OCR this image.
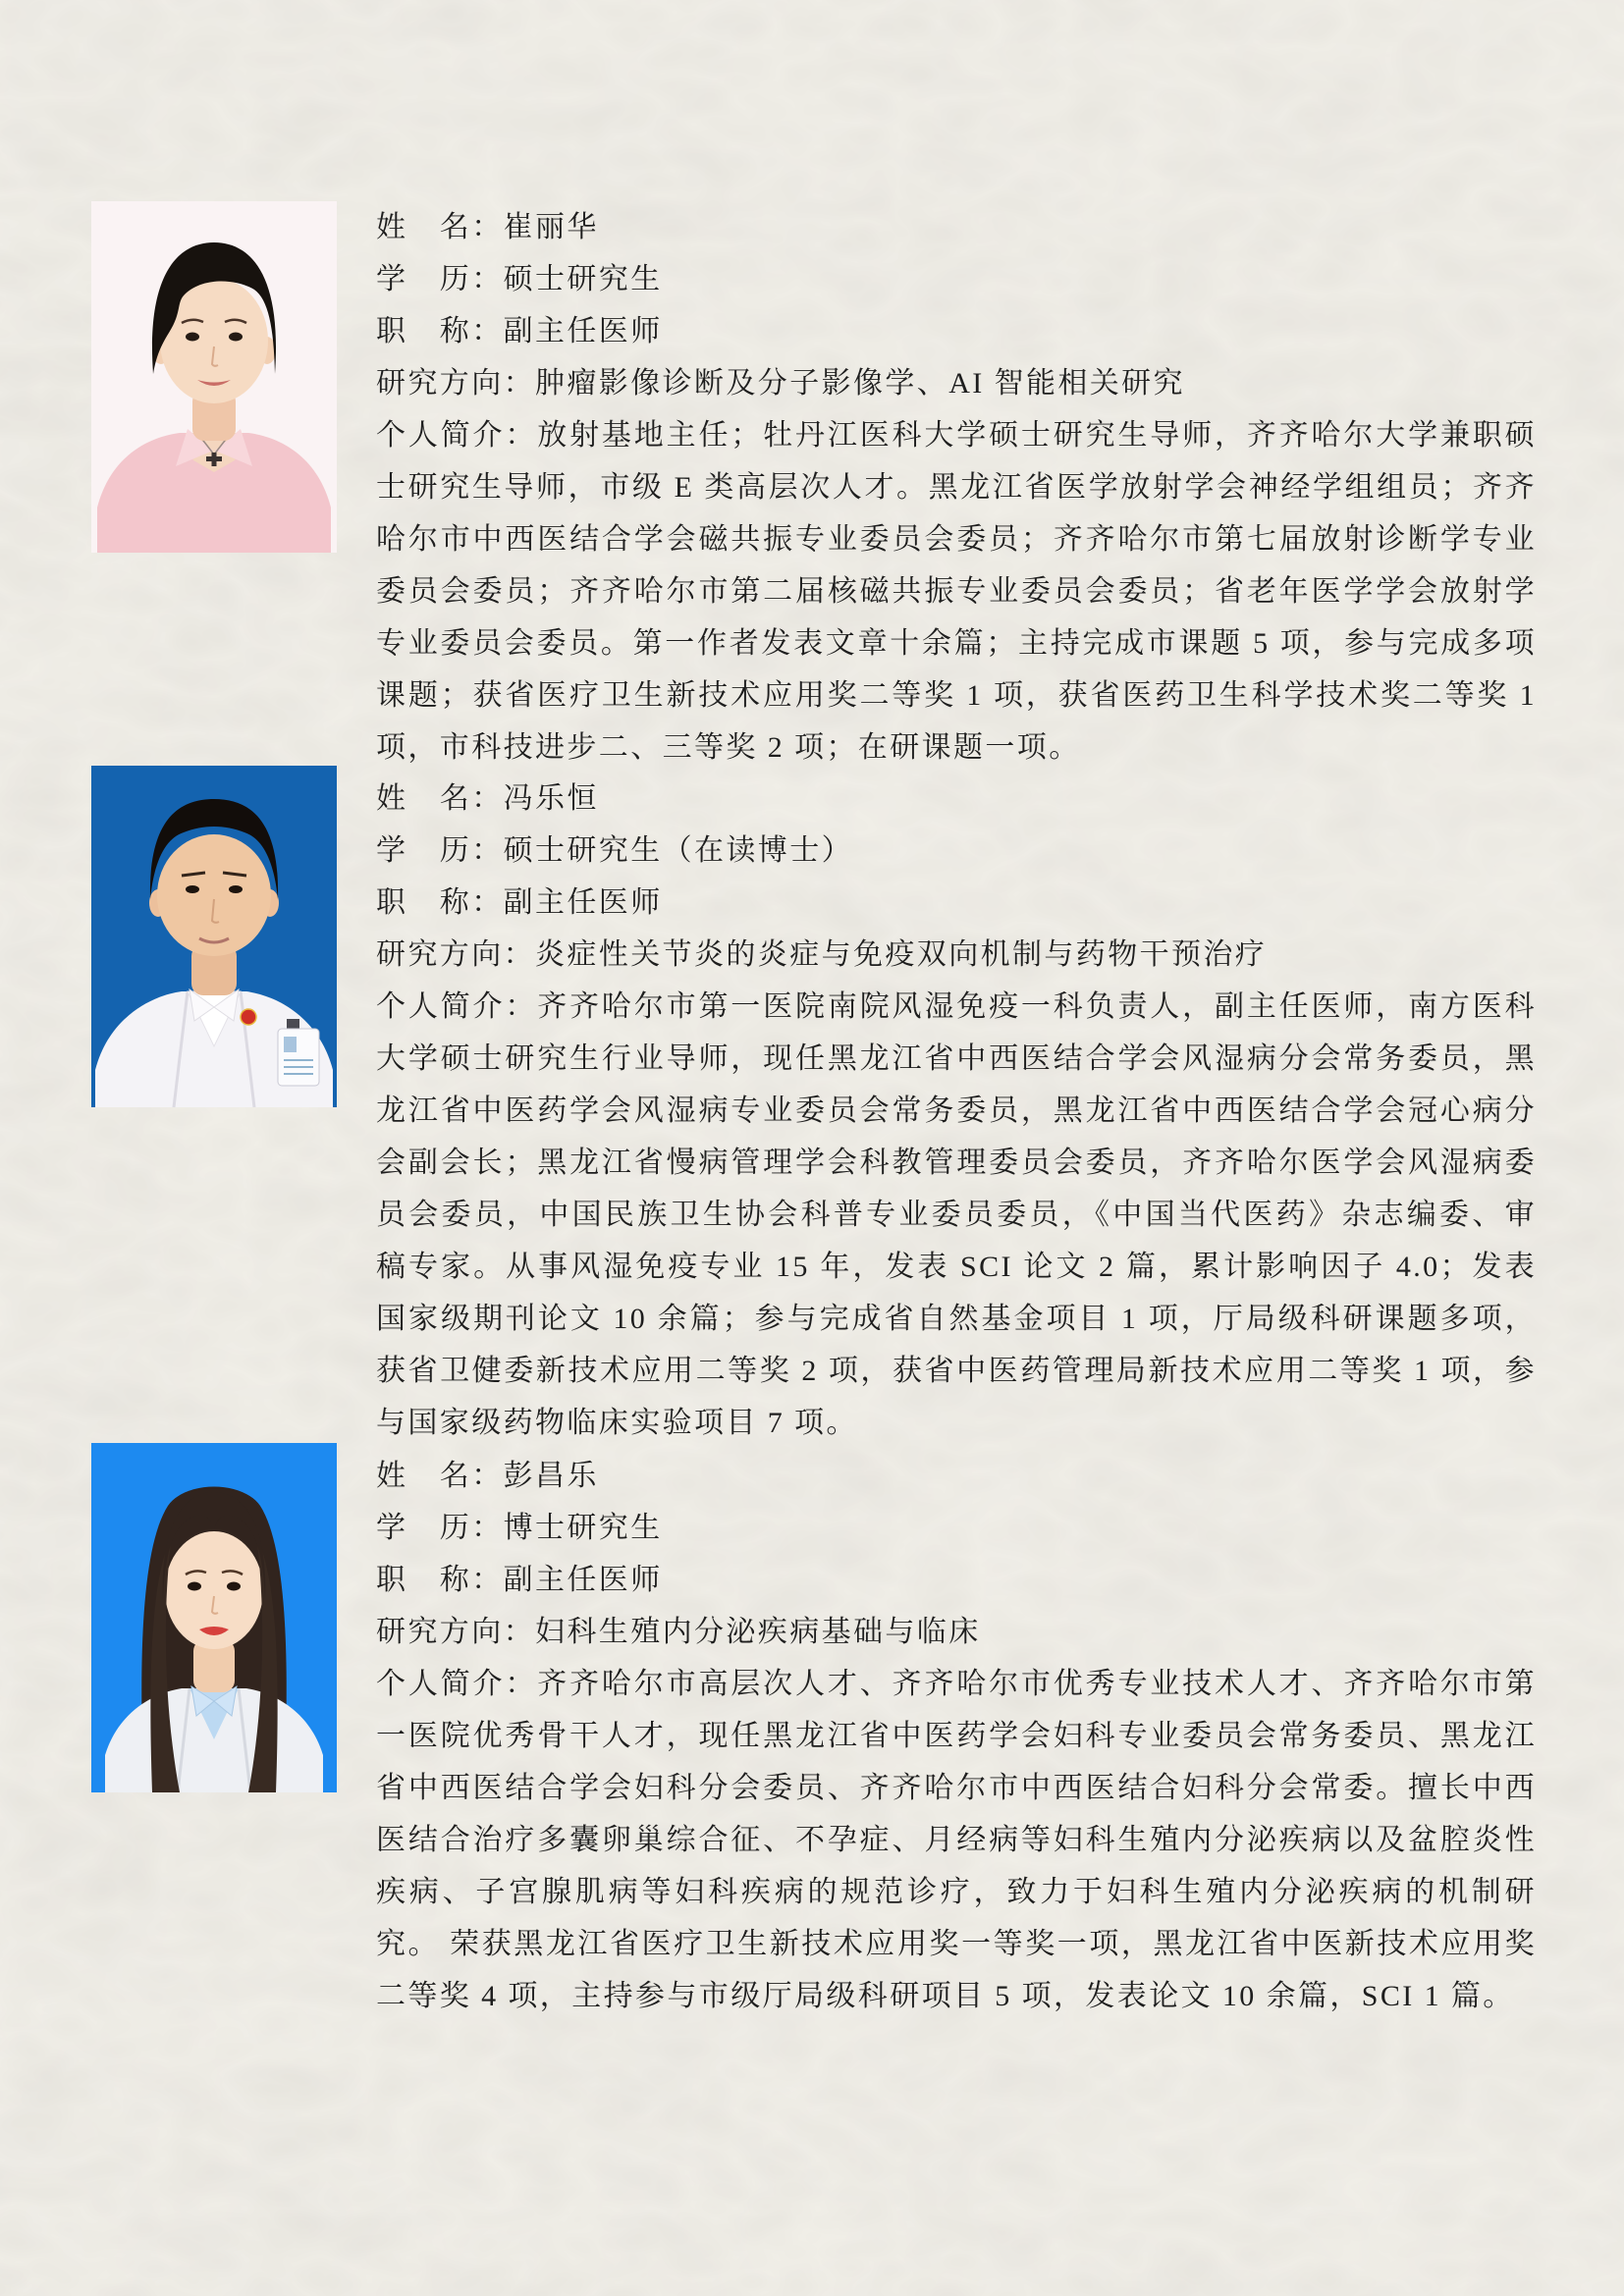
姓　名：崔丽华
学　历：硕士研究生
职　称：副主任医师
研究方向：肿瘤影像诊断及分子影像学、AI 智能相关研究

个人简介：放射基地主任；牡丹江医科大学硕士研究生导师，齐齐哈尔大学兼职硕士研究生导师，市级 E 类高层次人才。黑龙江省医学放射学会神经学组组员；齐齐哈尔市中西医结合学会磁共振专业委员会委员；齐齐哈尔市第七届放射诊断学专业委员会委员；齐齐哈尔市第二届核磁共振专业委员会委员；省老年医学学会放射学专业委员会委员。第一作者发表文章十余篇；主持完成市课题 5 项，参与完成多项课题；获省医疗卫生新技术应用奖二等奖 1 项，获省医药卫生科学技术奖二等奖 1 项，市科技进步二、三等奖 2 项；在研课题一项。

姓　名：冯乐恒
学　历：硕士研究生（在读博士）
职　称：副主任医师
研究方向：炎症性关节炎的炎症与免疫双向机制与药物干预治疗

个人简介：齐齐哈尔市第一医院南院风湿免疫一科负责人，副主任医师，南方医科大学硕士研究生行业导师，现任黑龙江省中西医结合学会风湿病分会常务委员，黑龙江省中医药学会风湿病专业委员会常务委员，黑龙江省中西医结合学会冠心病分会副会长；黑龙江省慢病管理学会科教管理委员会委员，齐齐哈尔医学会风湿病委员会委员，中国民族卫生协会科普专业委员委员，《中国当代医药》杂志编委、审稿专家。从事风湿免疫专业 15 年，发表 SCI 论文 2 篇，累计影响因子 4.0；发表国家级期刊论文 10 余篇；参与完成省自然基金项目 1 项，厅局级科研课题多项，获省卫健委新技术应用二等奖 2 项，获省中医药管理局新技术应用二等奖 1 项，参与国家级药物临床实验项目 7 项。

姓　名：彭昌乐
学　历：博士研究生
职　称：副主任医师
研究方向：妇科生殖内分泌疾病基础与临床

个人简介：齐齐哈尔市高层次人才、齐齐哈尔市优秀专业技术人才、齐齐哈尔市第一医院优秀骨干人才，现任黑龙江省中医药学会妇科专业委员会常务委员、黑龙江省中西医结合学会妇科分会委员、齐齐哈尔市中西医结合妇科分会常委。擅长中西医结合治疗多囊卵巢综合征、不孕症、月经病等妇科生殖内分泌疾病以及盆腔炎性疾病、子宫腺肌病等妇科疾病的规范诊疗，致力于妇科生殖内分泌疾病的机制研究。 荣获黑龙江省医疗卫生新技术应用奖一等奖一项，黑龙江省中医新技术应用奖二等奖 4 项，主持参与市级厅局级科研项目 5 项，发表论文 10 余篇，SCI 1 篇。
